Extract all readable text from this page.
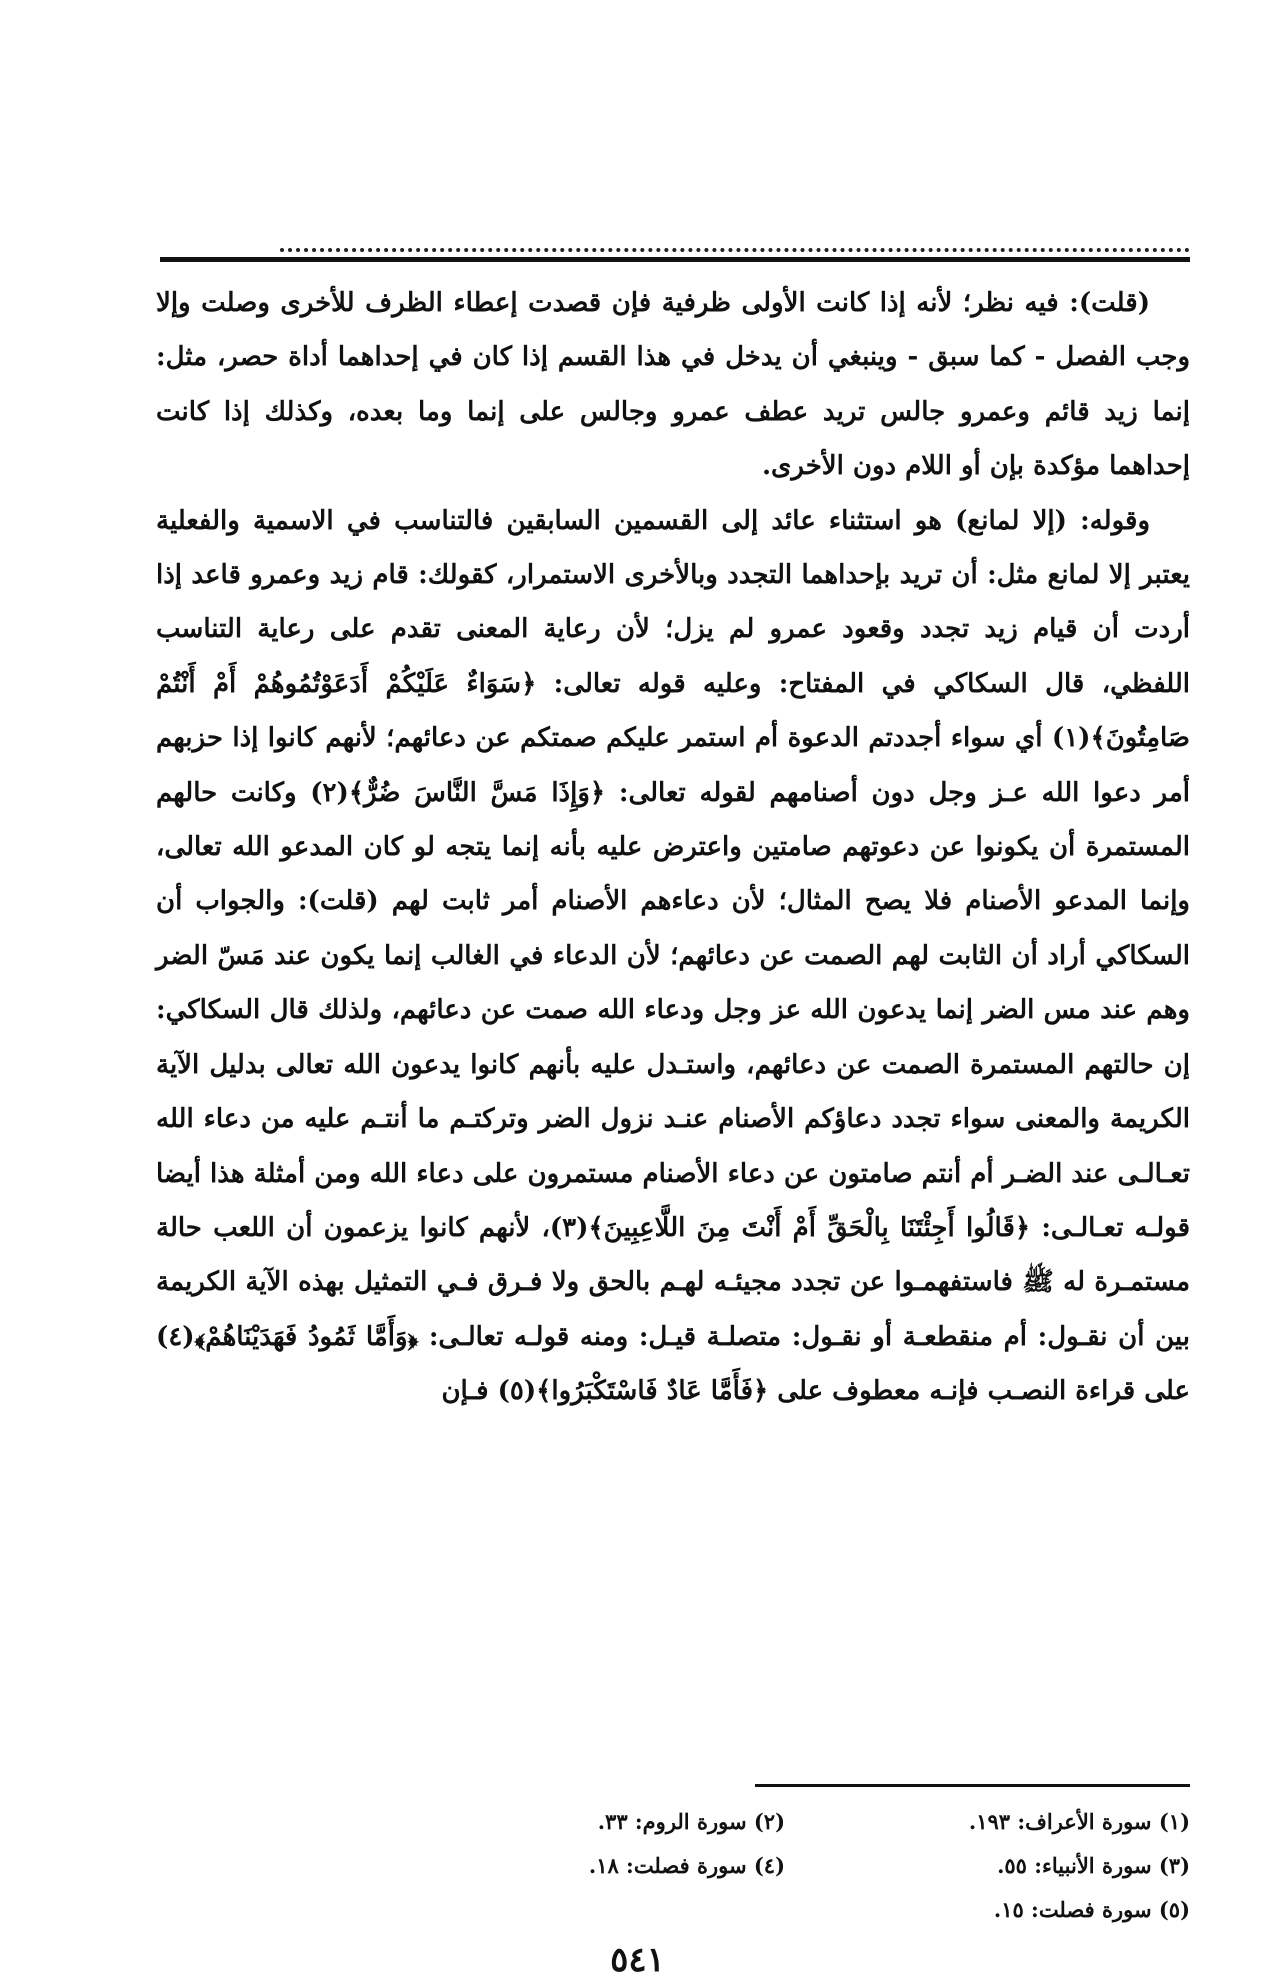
(قلت): فيه نظر؛ لأنه إذا كانت الأولى ظرفية فإن قصدت إعطاء الظرف للأخرى وصلت وإلا وجب الفصل - كما سبق - وينبغي أن يدخل في هذا القسم إذا كان في إحداهما أداة حصر، مثل: إنما زيد قائم وعمرو جالس تريد عطف عمرو وجالس على إنما وما بعده، وكذلك إذا كانت إحداهما مؤكدة بإن أو اللام دون الأخرى.

وقوله: (إلا لمانع) هو استثناء عائد إلى القسمين السابقين فالتناسب في الاسمية والفعلية يعتبر إلا لمانع مثل: أن تريد بإحداهما التجدد وبالأخرى الاستمرار، كقولك: قام زيد وعمرو قاعد إذا أردت أن قيام زيد تجدد وقعود عمرو لم يزل؛ لأن رعاية المعنى تقدم على رعاية التناسب اللفظي، قال السكاكي في المفتاح: وعليه قوله تعالى: ﴿سَوَاءٌ عَلَيْكُمْ أَدَعَوْتُمُوهُمْ أَمْ أَنْتُمْ صَامِتُونَ﴾(١) أي سواء أجددتم الدعوة أم استمر عليكم صمتكم عن دعائهم؛ لأنهم كانوا إذا حزبهم أمر دعوا الله عـز وجل دون أصنامهم لقوله تعالى: ﴿وَإِذَا مَسَّ النَّاسَ ضُرٌّ﴾(٢) وكانت حالهم المستمرة أن يكونوا عن دعوتهم صامتين واعترض عليه بأنه إنما يتجه لو كان المدعو الله تعالى، وإنما المدعو الأصنام فلا يصح المثال؛ لأن دعاءهم الأصنام أمر ثابت لهم (قلت): والجواب أن السكاكي أراد أن الثابت لهم الصمت عن دعائهم؛ لأن الدعاء في الغالب إنما يكون عند مَسّ الضر وهم عند مس الضر إنما يدعون الله عز وجل ودعاء الله صمت عن دعائهم، ولذلك قال السكاكي: إن حالتهم المستمرة الصمت عن دعائهم، واستـدل عليه بأنهم كانوا يدعون الله تعالى بدليل الآية الكريمة والمعنى سواء تجدد دعاؤكم الأصنام عنـد نزول الضر وتركتـم ما أنتـم عليه من دعاء الله تعـالـى عند الضـر أم أنتم صامتون عن دعاء الأصنام مستمرون على دعاء الله ومن أمثلة هذا أيضا قولـه تعـالـى: ﴿قَالُوا أَجِئْتَنَا بِالْحَقِّ أَمْ أَنْتَ مِنَ اللَّاعِبِينَ﴾(٣)، لأنهم كانوا يزعمون أن اللعب حالة مستمـرة له ﷺ فاستفهمـوا عن تجدد مجيئـه لهـم بالحق ولا فـرق فـي التمثيل بهذه الآية الكريمة بين أن نقـول: أم منقطعـة أو نقـول: متصلـة قيـل: ومنه قولـه تعالـى: ﴿وَأَمَّا ثَمُودُ فَهَدَيْنَاهُمْ﴾(٤) على قراءة النصـب فإنـه معطوف على ﴿فَأَمَّا عَادٌ فَاسْتَكْبَرُوا﴾(٥) فـإن

(١) سورة الأعراف: ١٩٣.
(٢) سورة الروم: ٣٣.
(٣) سورة الأنبياء: ٥٥.
(٤) سورة فصلت: ١٨.
(٥) سورة فصلت: ١٥.
٥٤١
